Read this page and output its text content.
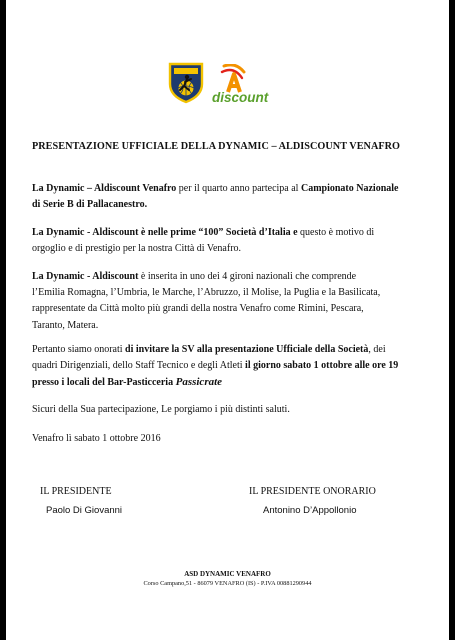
discount
PRESENTAZIONE UFFICIALE DELLA DYNAMIC – ALDISCOUNT VENAFRO
La Dynamic – Aldiscount Venafro per il quarto anno partecipa al Campionato Nazionale
di Serie B di Pallacanestro.
La Dynamic - Aldiscount è nelle prime “100” Società d’Italia e questo è motivo di
orgoglio e di prestigio per la nostra Città di Venafro.
La Dynamic - Aldiscount è inserita in uno dei 4 gironi nazionali che comprende
l’Emilia Romagna, l’Umbria, le Marche, l’Abruzzo, il Molise, la Puglia e la Basilicata,
rappresentate da Città molto più grandi della nostra Venafro come Rimini, Pescara,
Taranto, Matera.
Pertanto siamo onorati di invitare la SV alla presentazione Ufficiale della Società, dei
quadri Dirigenziali, dello Staff Tecnico e degli Atleti il giorno sabato 1 ottobre alle ore 19
presso i locali del Bar-Pasticceria Passicrate
Sicuri della Sua partecipazione, Le porgiamo i più distinti saluti.
Venafro lì sabato 1 ottobre 2016
IL PRESIDENTE
Paolo Di Giovanni
IL PRESIDENTE ONORARIO
Antonino D’Appollonio
ASD DYNAMIC VENAFRO
Corso Campano,51 - 86079 VENAFRO (IS) - P.IVA 00881290944
